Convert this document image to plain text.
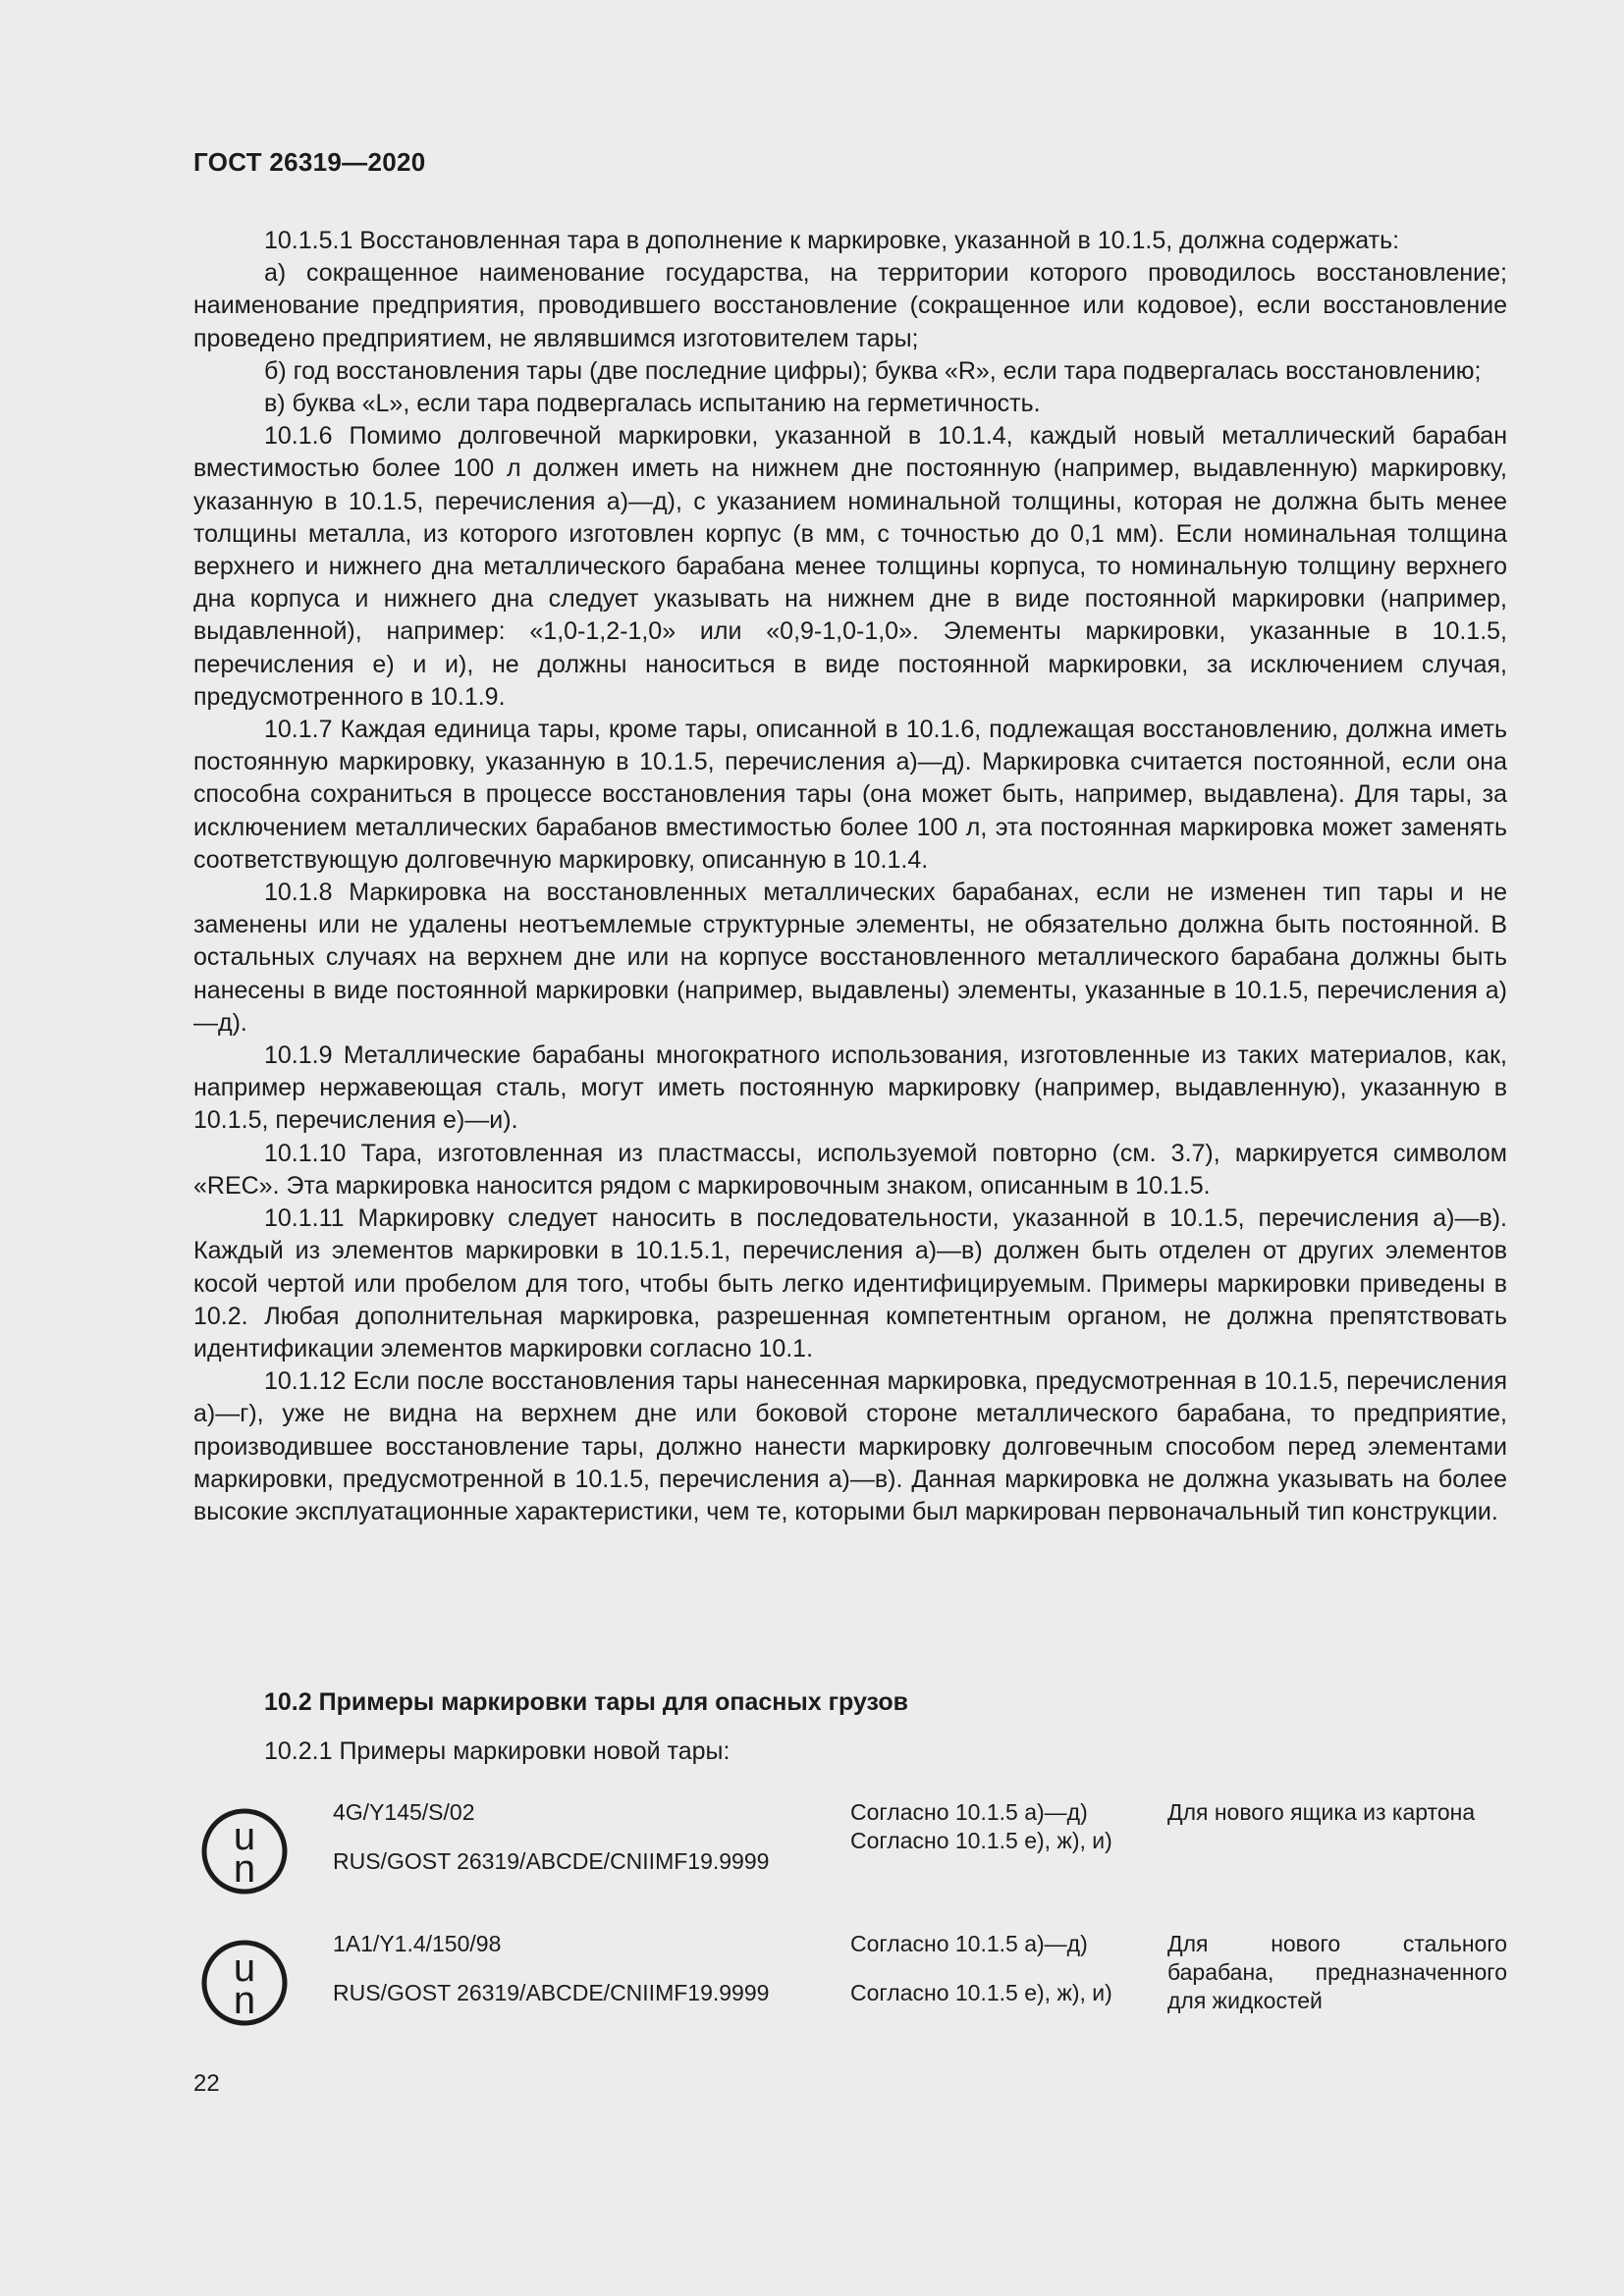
ГОСТ 26319—2020

10.1.5.1 Восстановленная тара в дополнение к маркировке, указанной в 10.1.5, должна содержать:

а) сокращенное наименование государства, на территории которого проводилось восстановление; наименование предприятия, проводившего восстановление (сокращенное или кодовое), если восстановление проведено предприятием, не являвшимся изготовителем тары;

б) год восстановления тары (две последние цифры); буква «R», если тара подвергалась восстановлению;

в) буква «L», если тара подвергалась испытанию на герметичность.

10.1.6 Помимо долговечной маркировки, указанной в 10.1.4, каждый новый металлический барабан вместимостью более 100 л должен иметь на нижнем дне постоянную (например, выдавленную) маркировку, указанную в 10.1.5, перечисления а)—д), с указанием номинальной толщины, которая не должна быть менее толщины металла, из которого изготовлен корпус (в мм, с точностью до 0,1 мм). Если номинальная толщина верхнего и нижнего дна металлического барабана менее толщины корпуса, то номинальную толщину верхнего дна корпуса и нижнего дна следует указывать на нижнем дне в виде постоянной маркировки (например, выдавленной), например: «1,0-1,2-1,0» или «0,9-1,0-1,0». Элементы маркировки, указанные в 10.1.5, перечисления е) и и), не должны наноситься в виде постоянной маркировки, за исключением случая, предусмотренного в 10.1.9.

10.1.7 Каждая единица тары, кроме тары, описанной в 10.1.6, подлежащая восстановлению, должна иметь постоянную маркировку, указанную в 10.1.5, перечисления а)—д). Маркировка считается постоянной, если она способна сохраниться в процессе восстановления тары (она может быть, например, выдавлена). Для тары, за исключением металлических барабанов вместимостью более 100 л, эта постоянная маркировка может заменять соответствующую долговечную маркировку, описанную в 10.1.4.

10.1.8 Маркировка на восстановленных металлических барабанах, если не изменен тип тары и не заменены или не удалены неотъемлемые структурные элементы, не обязательно должна быть постоянной. В остальных случаях на верхнем дне или на корпусе восстановленного металлического барабана должны быть нанесены в виде постоянной маркировки (например, выдавлены) элементы, указанные в 10.1.5, перечисления а)—д).

10.1.9 Металлические барабаны многократного использования, изготовленные из таких материалов, как, например нержавеющая сталь, могут иметь постоянную маркировку (например, выдавленную), указанную в 10.1.5, перечисления е)—и).

10.1.10 Тара, изготовленная из пластмассы, используемой повторно (см. 3.7), маркируется символом «REC». Эта маркировка наносится рядом с маркировочным знаком, описанным в 10.1.5.

10.1.11 Маркировку следует наносить в последовательности, указанной в 10.1.5, перечисления а)—в). Каждый из элементов маркировки в 10.1.5.1, перечисления а)—в) должен быть отделен от других элементов косой чертой или пробелом для того, чтобы быть легко идентифицируемым. Примеры маркировки приведены в 10.2. Любая дополнительная маркировка, разрешенная компетентным органом, не должна препятствовать идентификации элементов маркировки согласно 10.1.

10.1.12 Если после восстановления тары нанесенная маркировка, предусмотренная в 10.1.5, перечисления а)—г), уже не видна на верхнем дне или боковой стороне металлического барабана, то предприятие, производившее восстановление тары, должно нанести маркировку долговечным способом перед элементами маркировки, предусмотренной в 10.1.5, перечисления а)—в). Данная маркировка не должна указывать на более высокие эксплуатационные характеристики, чем те, которыми был маркирован первоначальный тип конструкции.

10.2 Примеры маркировки тары для опасных грузов
10.2.1 Примеры маркировки новой тары:
u
n
4G/Y145/S/02
RUS/GOST 26319/ABCDE/CNIIMF19.9999
Согласно 10.1.5 а)—д)
Согласно 10.1.5 е), ж), и)
Для нового ящика из картона
u
n
1A1/Y1.4/150/98
RUS/GOST 26319/ABCDE/CNIIMF19.9999
Согласно 10.1.5 а)—д)
Согласно 10.1.5 е), ж), и)
Для нового стального барабана, предназначенного для жидкостей
22
